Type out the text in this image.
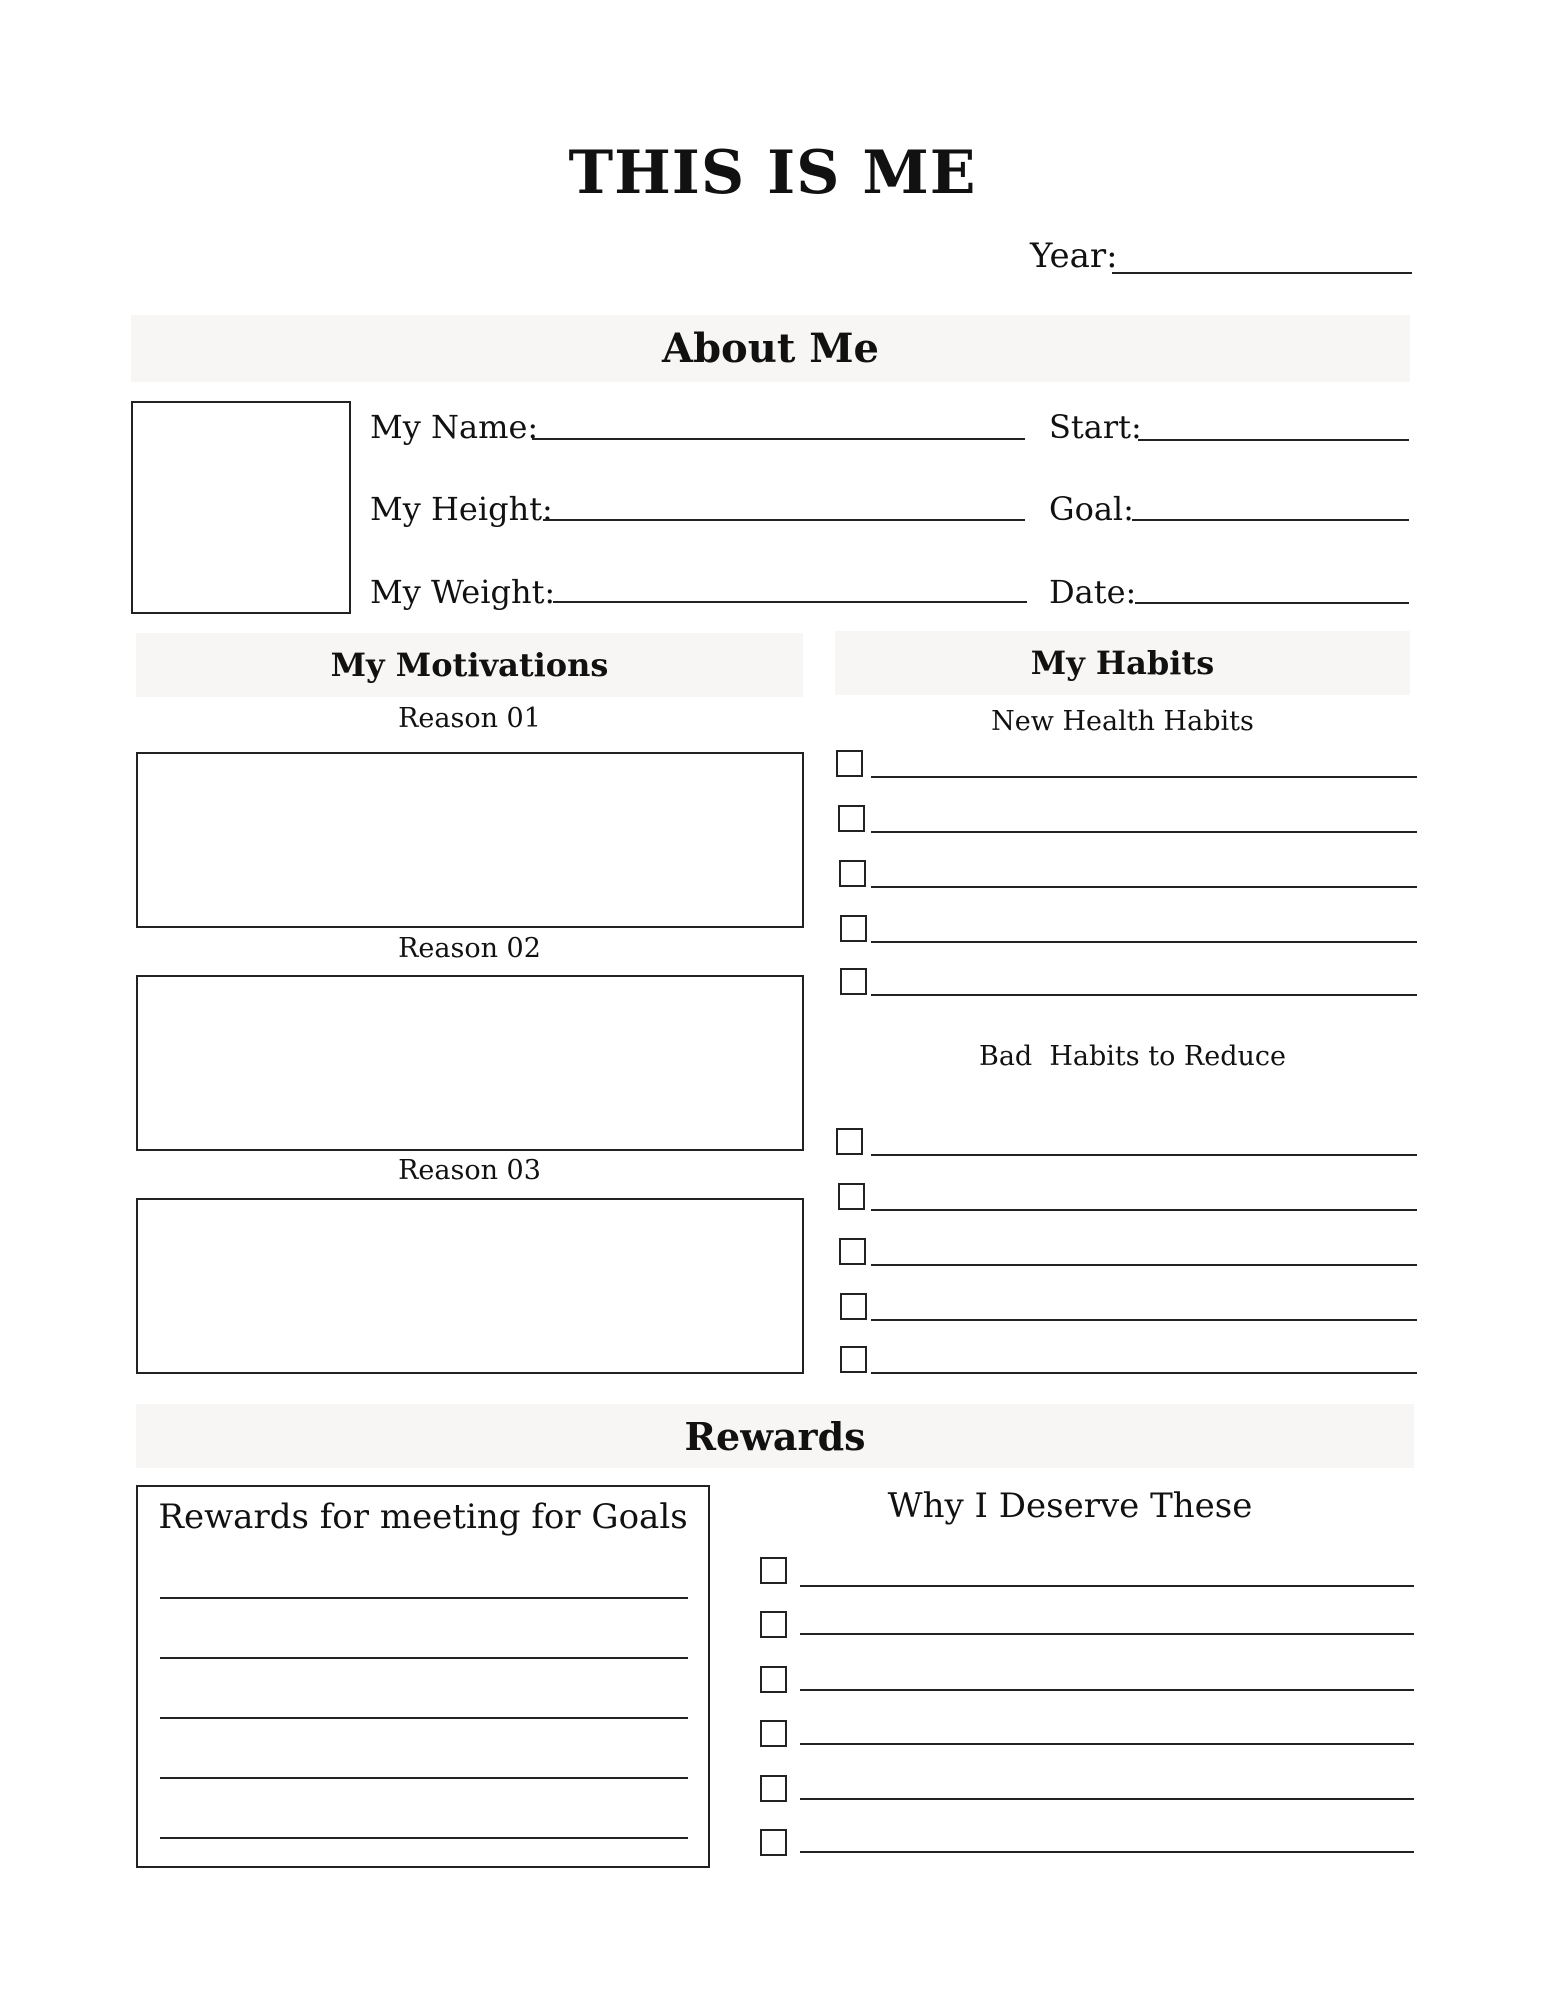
THIS IS ME
Year:
About Me
My Name:
My Height:
My Weight:
Start:
Goal:
Date:
My Motivations	My Habits
Reason 01
Reason 02
Reason 03
New Health Habits
Bad  Habits to Reduce
Rewards
Rewards for meeting for Goals	Why I Deserve These
